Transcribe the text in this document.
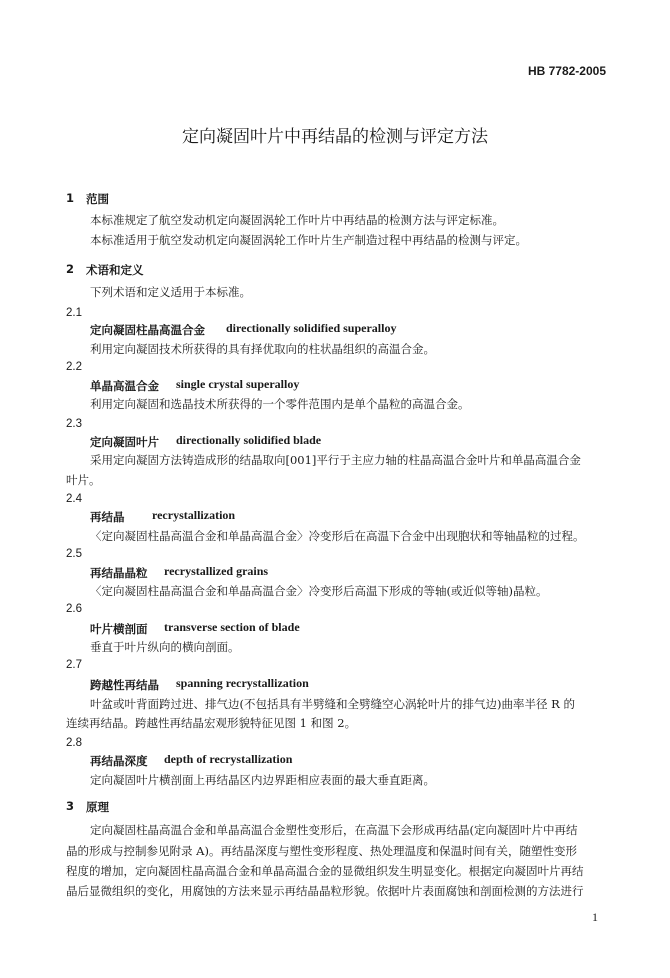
HB 7782-2005
定向凝固叶片中再结晶的检测与评定方法
1 范围
本标准规定了航空发动机定向凝固涡轮工作叶片中再结晶的检测方法与评定标准。
本标准适用于航空发动机定向凝固涡轮工作叶片生产制造过程中再结晶的检测与评定。
2 术语和定义
下列术语和定义适用于本标准。
2.1
定向凝固柱晶高温合金 directionally solidified superalloy
利用定向凝固技术所获得的具有择优取向的柱状晶组织的高温合金。
2.2
单晶高温合金 single crystal superalloy
利用定向凝固和选晶技术所获得的一个零件范围内是单个晶粒的高温合金。
2.3
定向凝固叶片 directionally solidified blade
采用定向凝固方法铸造成形的结晶取向[001]平行于主应力轴的柱晶高温合金叶片和单晶高温合金
叶片。
2.4
再结晶 recrystallization
〈定向凝固柱晶高温合金和单晶高温合金〉冷变形后在高温下合金中出现胞状和等轴晶粒的过程。
2.5
再结晶晶粒 recrystallized grains
〈定向凝固柱晶高温合金和单晶高温合金〉冷变形后高温下形成的等轴(或近似等轴)晶粒。
2.6
叶片横剖面 transverse section of blade
垂直于叶片纵向的横向剖面。
2.7
跨越性再结晶 spanning recrystallization
叶盆或叶背面跨过进、排气边(不包括具有半劈缝和全劈缝空心涡轮叶片的排气边)曲率半径 R 的
连续再结晶。跨越性再结晶宏观形貌特征见图 1 和图 2。
2.8
再结晶深度 depth of recrystallization
定向凝固叶片横剖面上再结晶区内边界距相应表面的最大垂直距离。
3 原理
定向凝固柱晶高温合金和单晶高温合金塑性变形后，在高温下会形成再结晶(定向凝固叶片中再结
晶的形成与控制参见附录 A)。再结晶深度与塑性变形程度、热处理温度和保温时间有关，随塑性变形
程度的增加，定向凝固柱晶高温合金和单晶高温合金的显微组织发生明显变化。根据定向凝固叶片再结
晶后显微组织的变化，用腐蚀的方法来显示再结晶晶粒形貌。依据叶片表面腐蚀和剖面检测的方法进行
1
